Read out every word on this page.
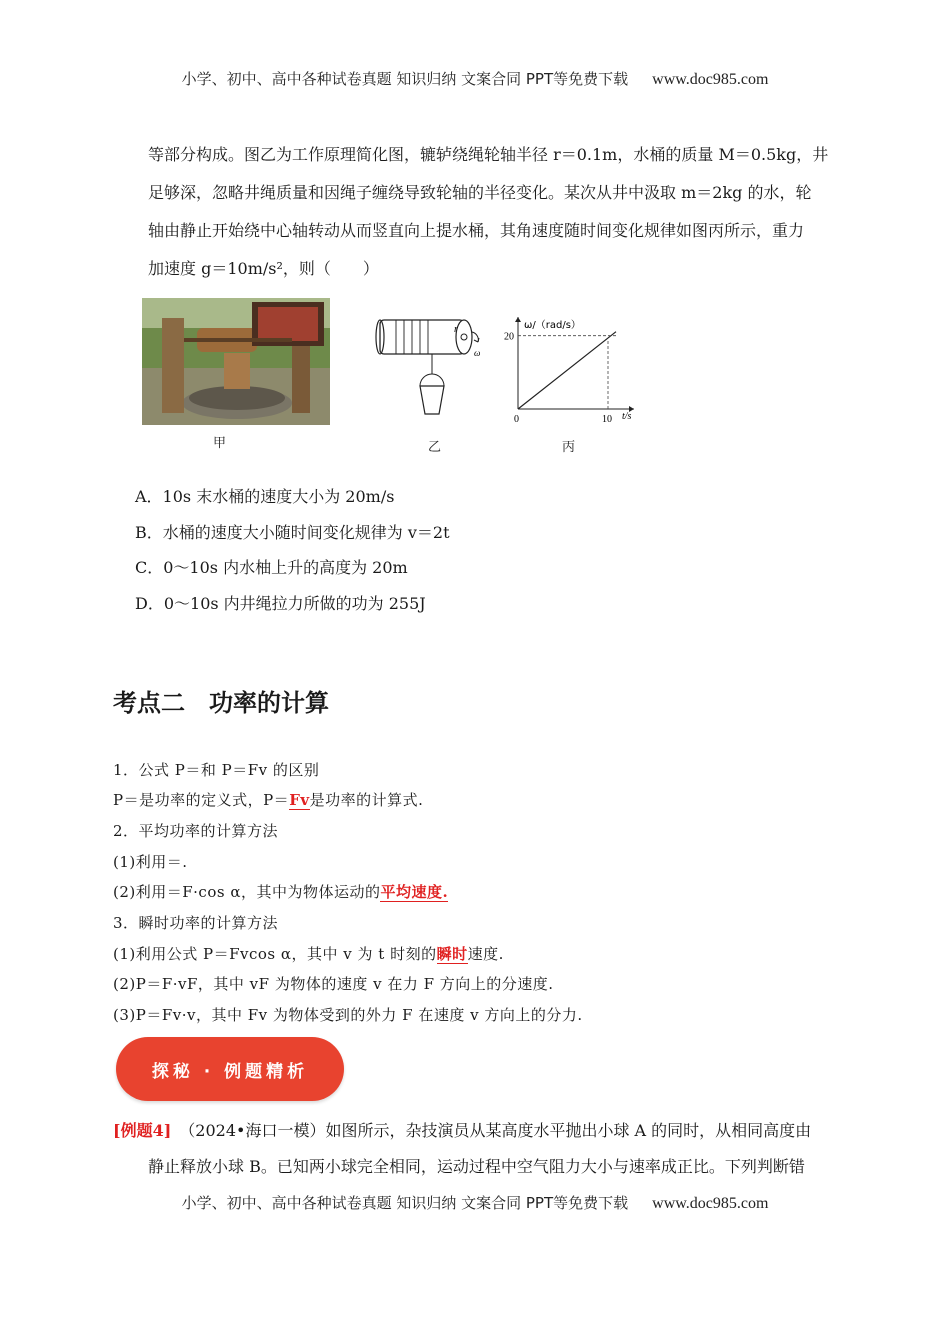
小学、初中、高中各种试卷真题 知识归纳 文案合同 PPT等免费下载 www.doc985.com
等部分构成。图乙为工作原理简化图，辘轳绕绳轮轴半径 r＝0.1m，水桶的质量 M＝0.5kg，井
足够深，忽略井绳质量和因绳子缠绕导致轮轴的半径变化。某次从井中汲取 m＝2kg 的水，轮
轴由静止开始绕中心轴转动从而竖直向上提水桶，其角速度随时间变化规律如图丙所示，重力
加速度 g＝10m/s²，则（　　）
甲
r
ω
乙
20
0	10
ω/（rad/s）
t/s
丙
A．10s 末水桶的速度大小为 20m/s
B．水桶的速度大小随时间变化规律为 v＝2t
C．0～10s 内水柚上升的高度为 20m
D．0～10s 内井绳拉力所做的功为 255J
考点二　功率的计算
1．公式 P＝和 P＝Fv 的区别
P＝是功率的定义式，P＝Fv是功率的计算式.
2．平均功率的计算方法
(1)利用＝.
(2)利用＝F·cos α，其中为物体运动的平均速度.
3．瞬时功率的计算方法
(1)利用公式 P＝Fvcos α，其中 v 为 t 时刻的瞬时速度.
(2)P＝F·vF，其中 vF 为物体的速度 v 在力 F 方向上的分速度.
(3)P＝Fv·v，其中 Fv 为物体受到的外力 F 在速度 v 方向上的分力.
探秘 · 例题精析
[例题4]　 （2024•海口一模）如图所示，杂技演员从某高度水平抛出小球 A 的同时，从相同高度由
静止释放小球 B。已知两小球完全相同，运动过程中空气阻力大小与速率成正比。下列判断错
小学、初中、高中各种试卷真题 知识归纳 文案合同 PPT等免费下载 www.doc985.com
